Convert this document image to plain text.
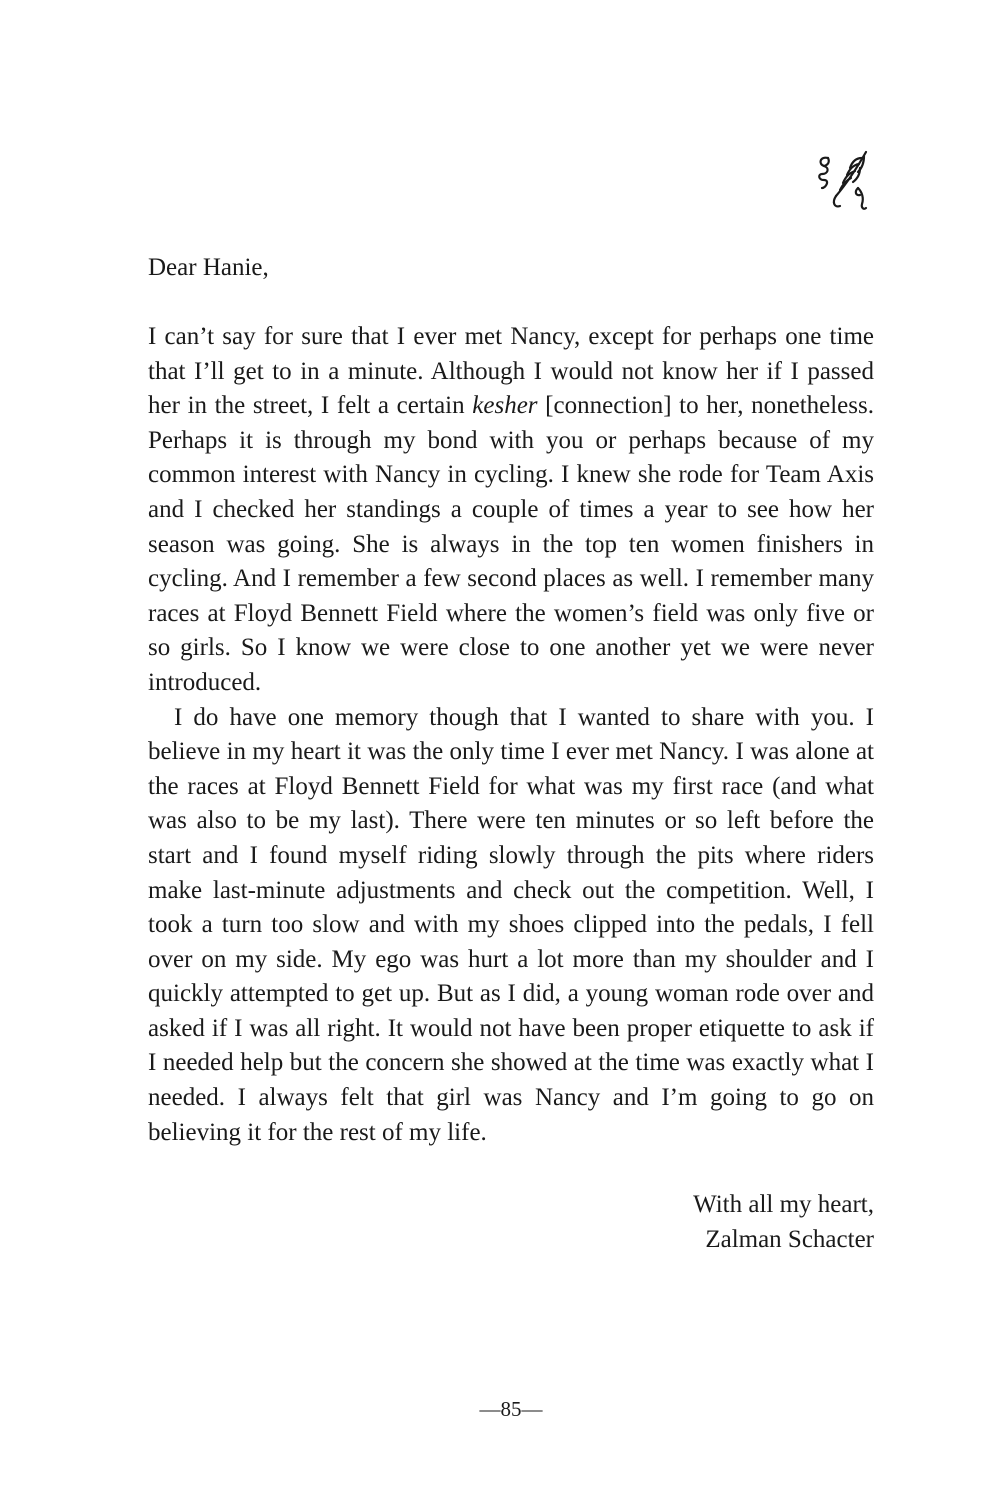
Dear Hanie,

I can’t say for sure that I ever met Nancy, except for perhaps one time that I’ll get to in a minute. Although I would not know her if I passed her in the street, I felt a certain kesher [connection] to her, nonetheless. Perhaps it is through my bond with you or perhaps because of my common interest with Nancy in cycling. I knew she rode for Team Axis and I checked her standings a couple of times a year to see how her season was going. She is always in the top ten women finishers in cycling. And I remember a few second places as well. I remember many races at Floyd Bennett Field where the women’s field was only five or so girls. So I know we were close to one another yet we were never introduced.

I do have one memory though that I wanted to share with you. I believe in my heart it was the only time I ever met Nancy. I was alone at the races at Floyd Bennett Field for what was my first race (and what was also to be my last). There were ten minutes or so left before the start and I found myself riding slowly through the pits where riders make last-minute adjustments and check out the competition. Well, I took a turn too slow and with my shoes clipped into the pedals, I fell over on my side. My ego was hurt a lot more than my shoulder and I quickly attempted to get up. But as I did, a young woman rode over and asked if I was all right. It would not have been proper etiquette to ask if I needed help but the concern she showed at the time was exactly what I needed. I always felt that girl was Nancy and I’m going to go on believing it for the rest of my life.

With all my heart,
Zalman Schacter
—85—
